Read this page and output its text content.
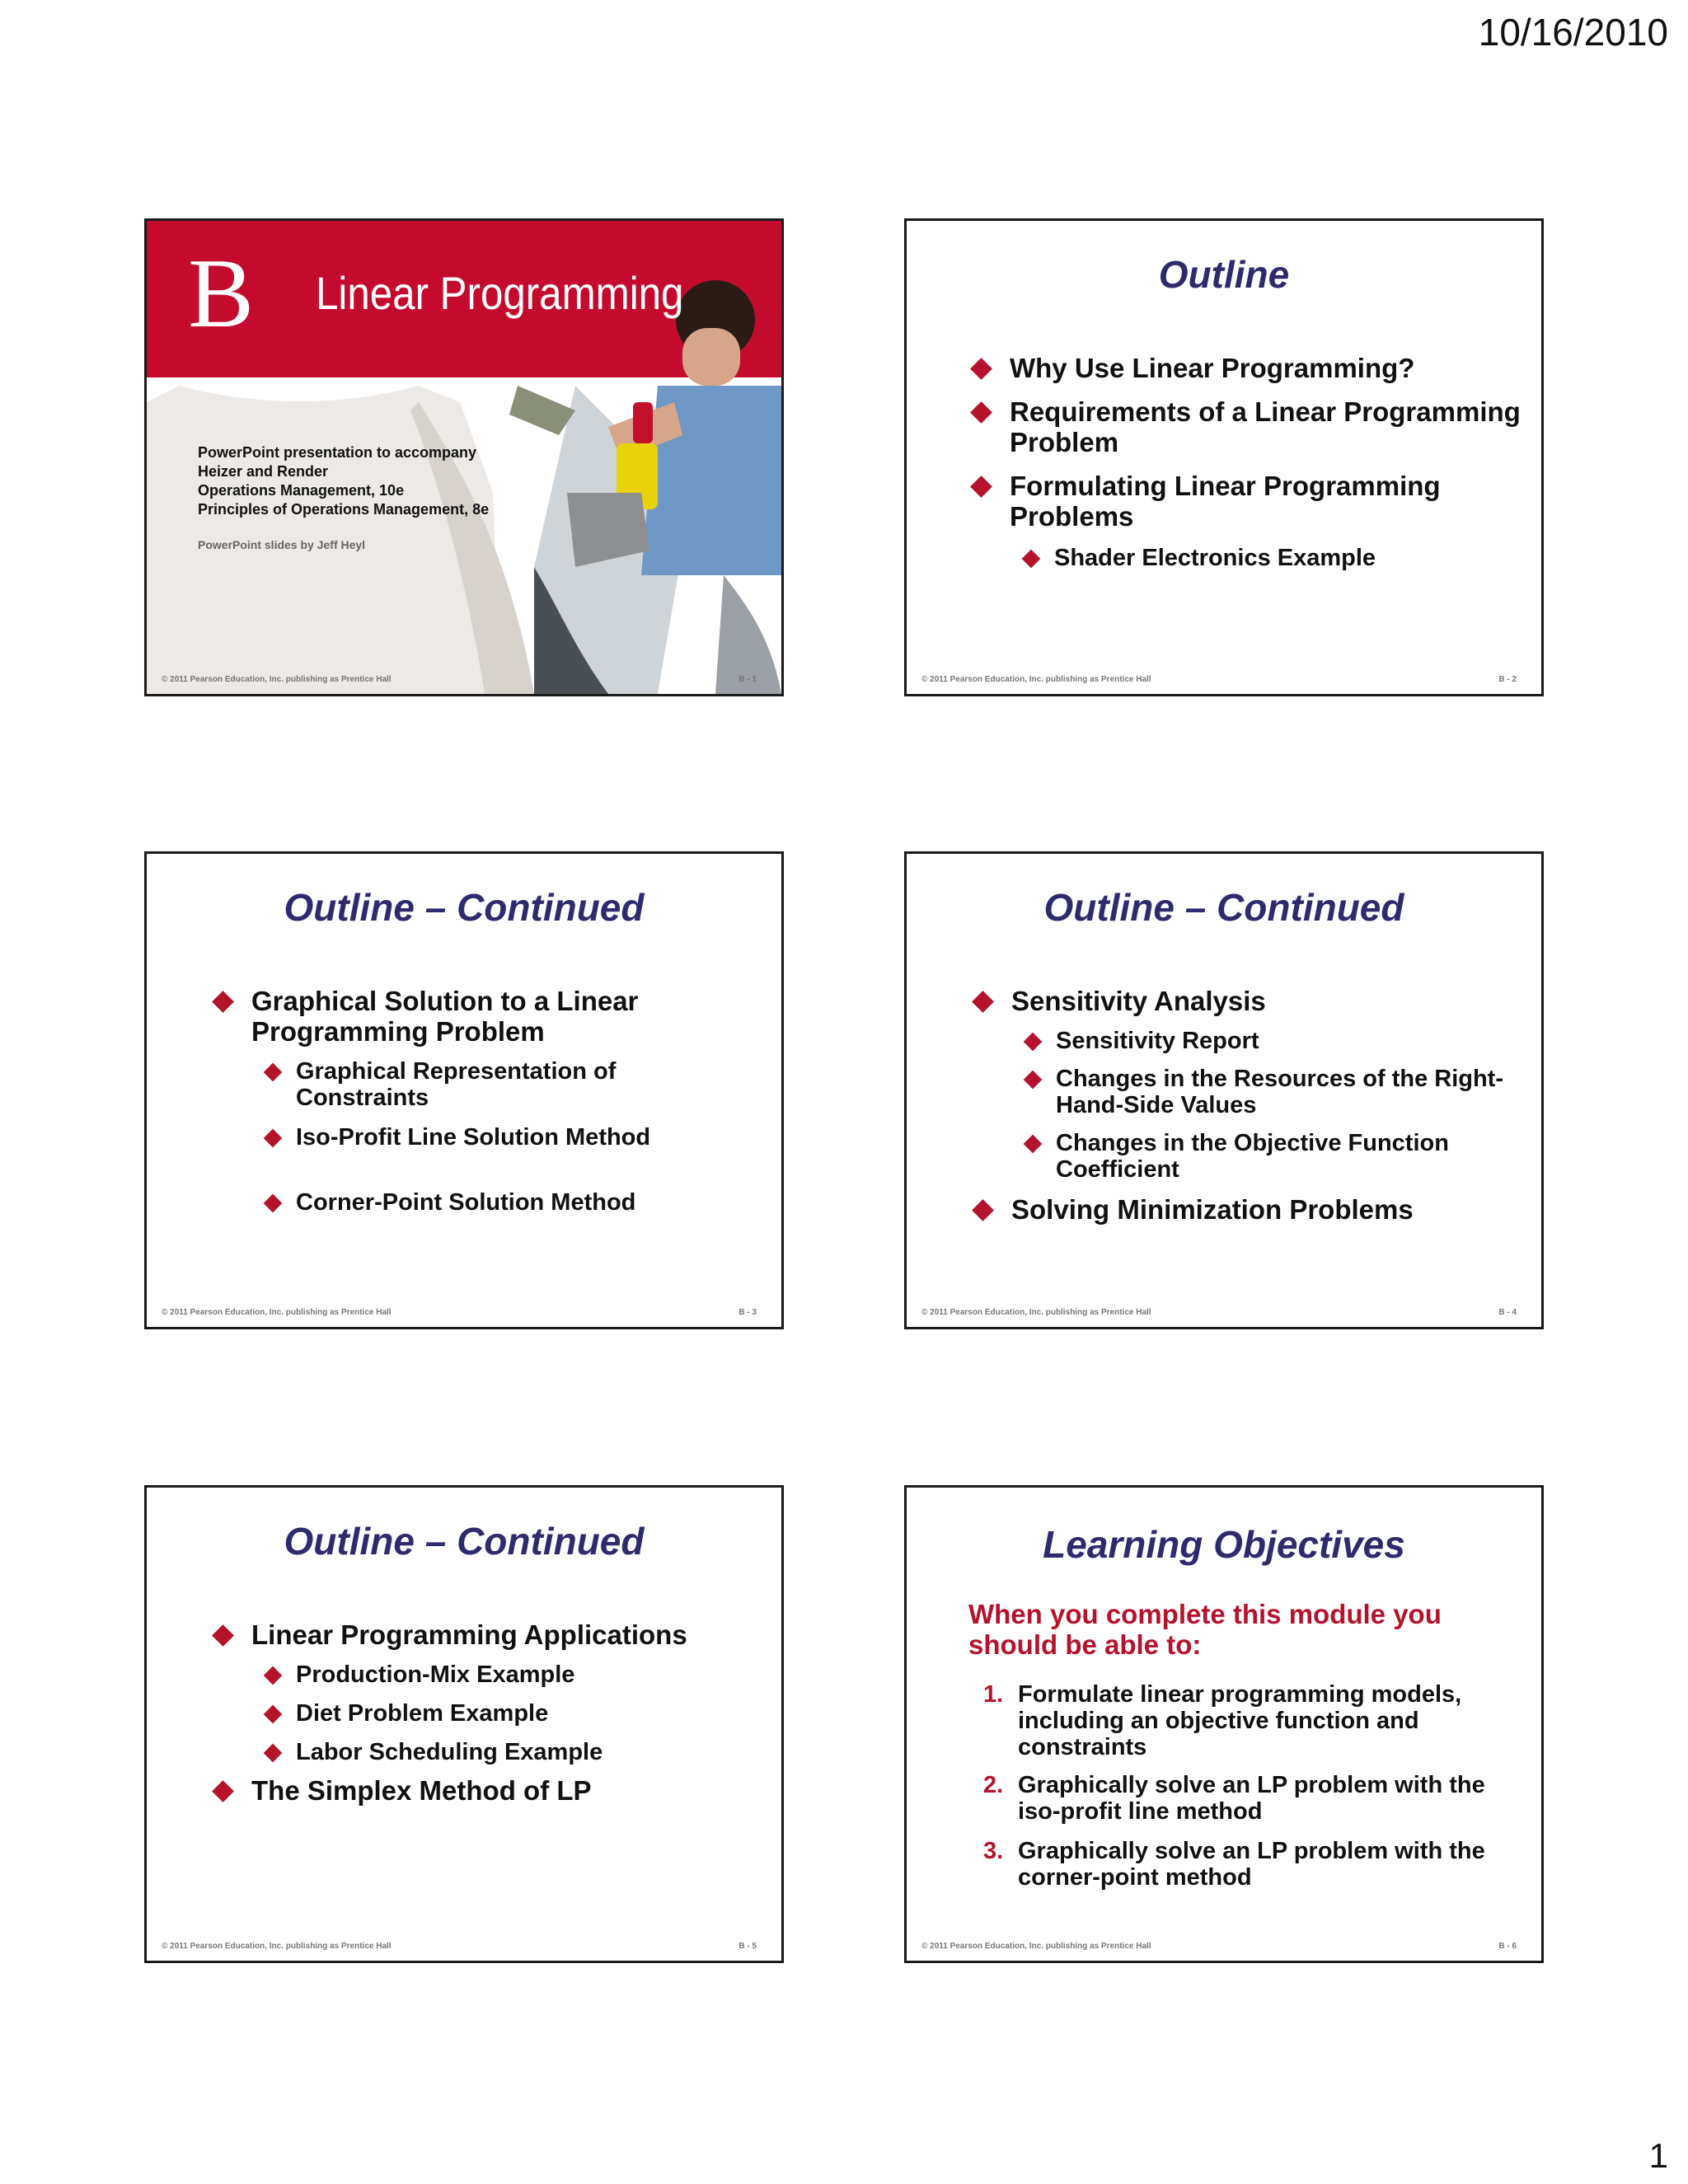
10/16/2010
B Linear Programming
PowerPoint presentation to accompany
Heizer and Render
Operations Management, 10e
Principles of Operations Management, 8e
PowerPoint slides by Jeff Heyl
© 2011 Pearson Education, Inc. publishing as Prentice Hall	B - 1
Outline
Why Use Linear Programming?
Requirements of a Linear Programming Problem
Formulating Linear Programming Problems
Shader Electronics Example
© 2011 Pearson Education, Inc. publishing as Prentice Hall	B - 2
Outline – Continued
Graphical Solution to a Linear Programming Problem
Graphical Representation of Constraints
Iso-Profit Line Solution Method
Corner-Point Solution Method
© 2011 Pearson Education, Inc. publishing as Prentice Hall	B - 3
Outline – Continued
Sensitivity Analysis
Sensitivity Report
Changes in the Resources of the Right-Hand-Side Values
Changes in the Objective Function Coefficient
Solving Minimization Problems
© 2011 Pearson Education, Inc. publishing as Prentice Hall	B - 4
Outline – Continued
Linear Programming Applications
Production-Mix Example
Diet Problem Example
Labor Scheduling Example
The Simplex Method of LP
© 2011 Pearson Education, Inc. publishing as Prentice Hall	B - 5
Learning Objectives
When you complete this module you should be able to:
1. Formulate linear programming models, including an objective function and constraints
2. Graphically solve an LP problem with the iso-profit line method
3. Graphically solve an LP problem with the corner-point method
© 2011 Pearson Education, Inc. publishing as Prentice Hall	B - 6
1
